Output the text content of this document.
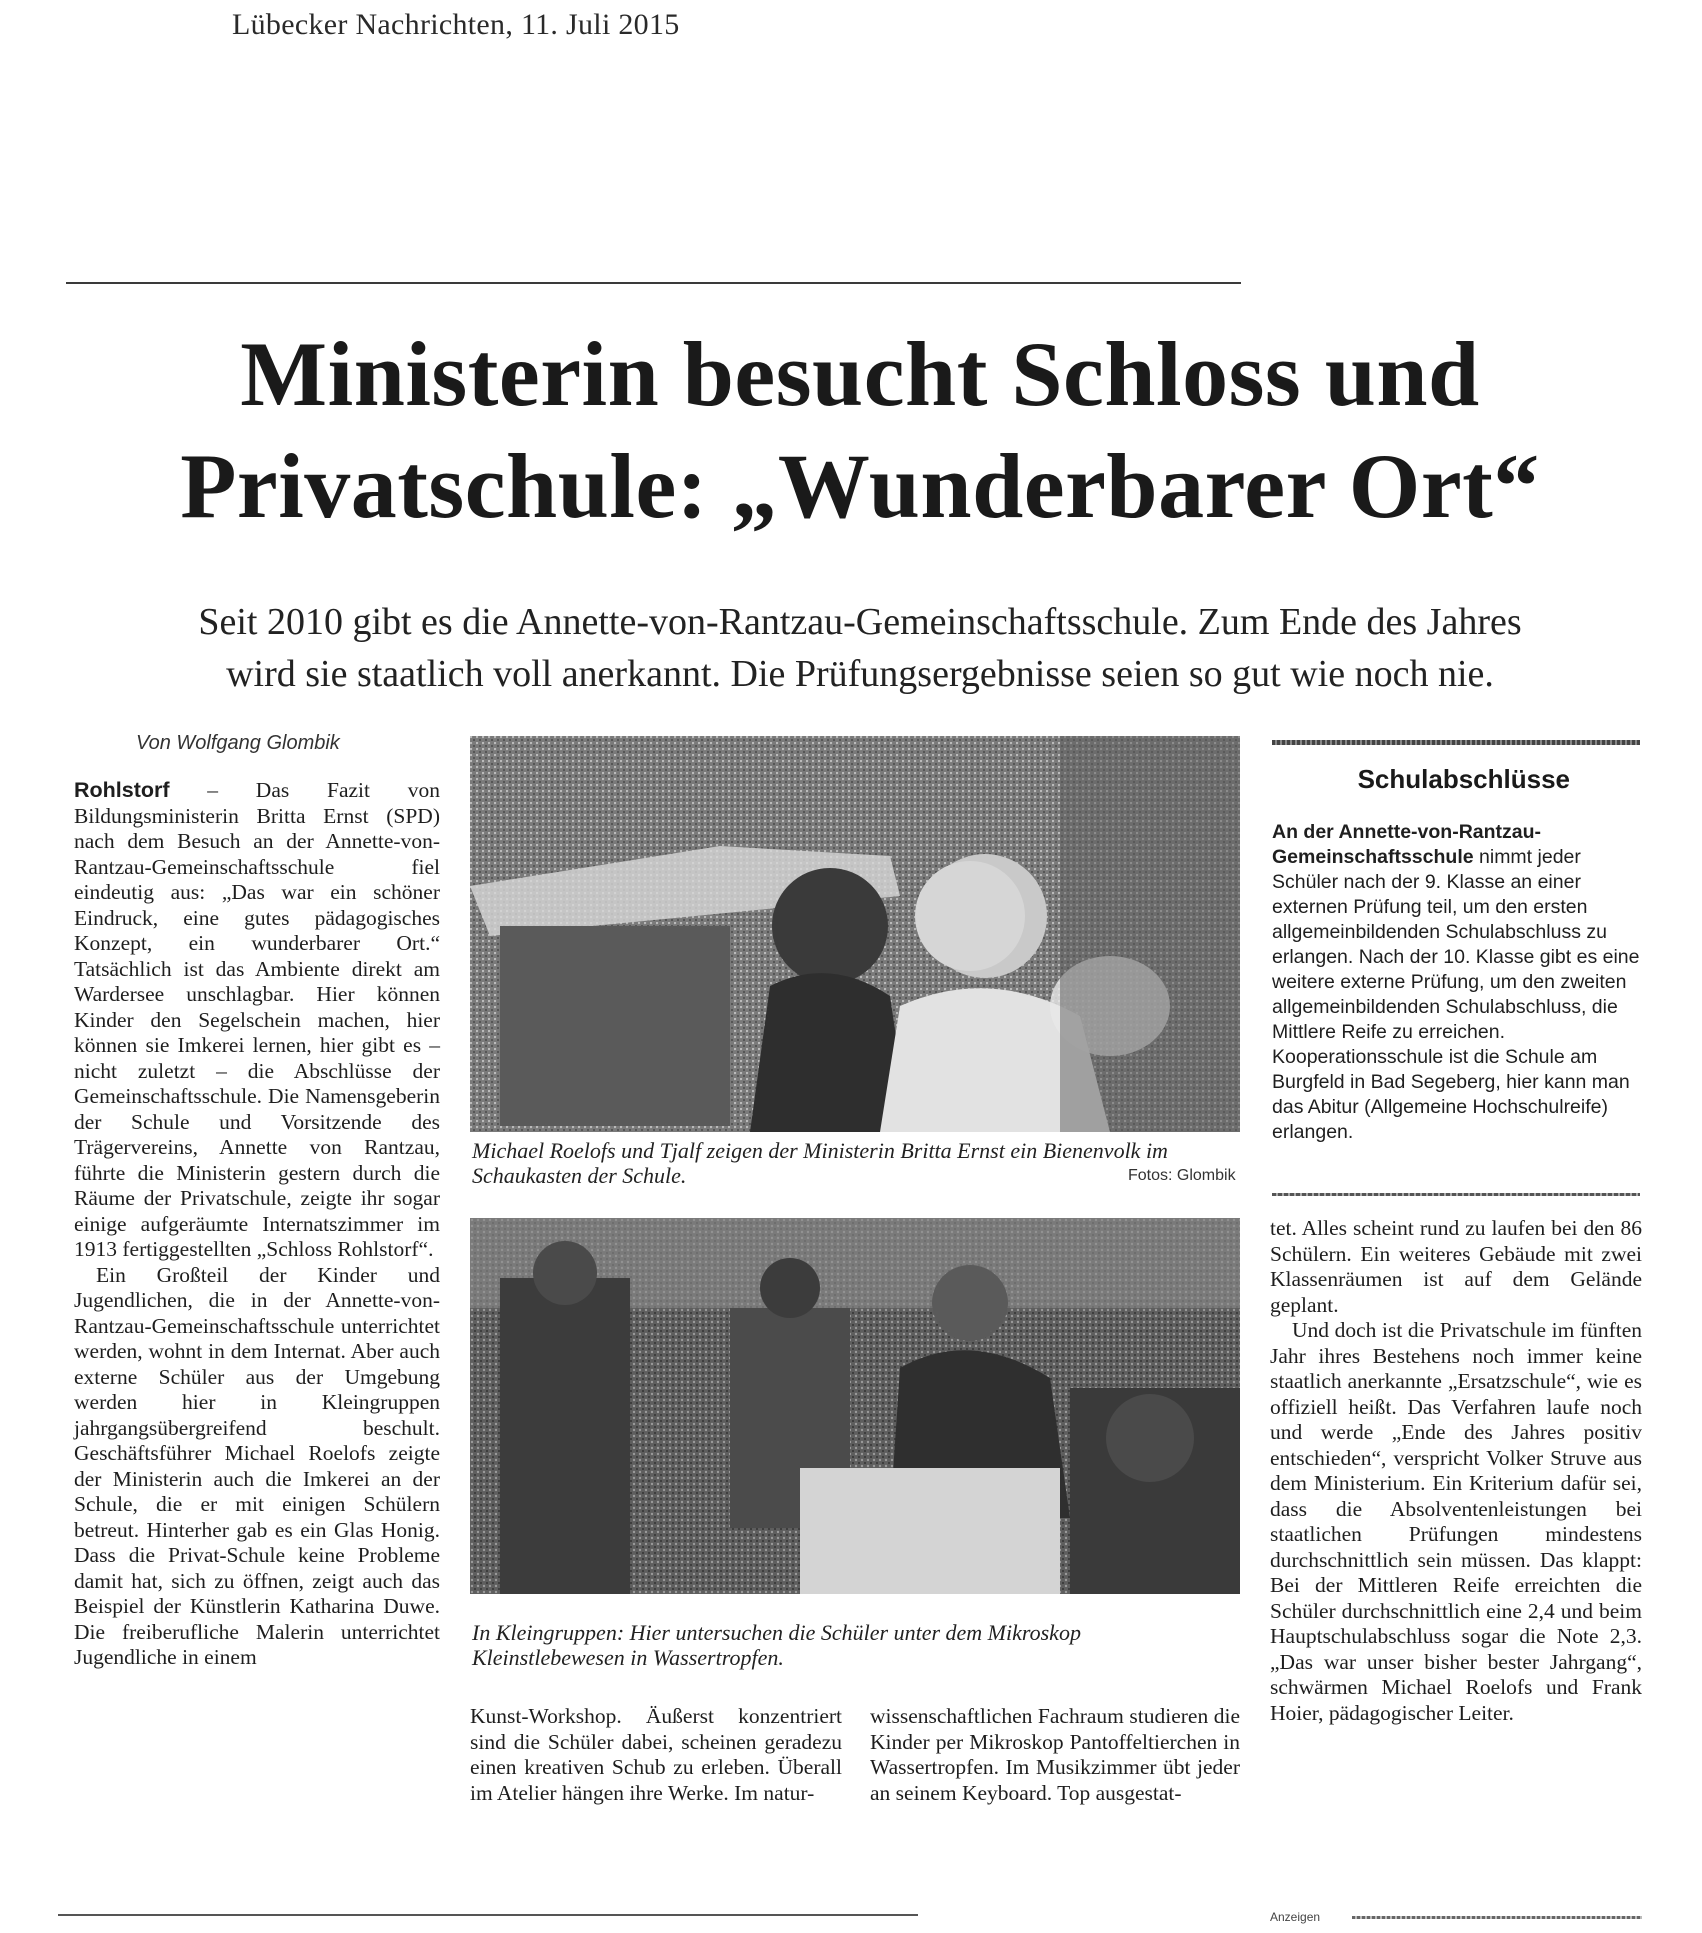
Lübecker Nachrichten, 11. Juli 2015
Ministerin besucht Schloss und
Privatschule: „Wunderbarer Ort“
Seit 2010 gibt es die Annette-von-Rantzau-Gemeinschaftsschule. Zum Ende des Jahres
wird sie staatlich voll anerkannt. Die Prüfungsergebnisse seien so gut wie noch nie.
Von Wolfgang Glombik

Rohlstorf – Das Fazit von Bildungsministerin Britta Ernst (SPD) nach dem Besuch an der Annette-von-Rantzau-Gemeinschaftsschule fiel eindeutig aus: „Das war ein schöner Eindruck, eine gutes pädagogisches Konzept, ein wunderbarer Ort.“ Tatsächlich ist das Ambiente direkt am Wardersee unschlagbar. Hier können Kinder den Segelschein machen, hier können sie Imkerei lernen, hier gibt es – nicht zuletzt – die Abschlüsse der Gemeinschaftsschule. Die Namensgeberin der Schule und Vorsitzende des Trägervereins, Annette von Rantzau, führte die Ministerin gestern durch die Räume der Privatschule, zeigte ihr sogar einige aufgeräumte Internatszimmer im 1913 fertiggestellten „Schloss Rohlstorf“.

Ein Großteil der Kinder und Jugendlichen, die in der Annette-von-Rantzau-Gemeinschaftsschule unterrichtet werden, wohnt in dem Internat. Aber auch externe Schüler aus der Umgebung werden hier in Kleingruppen jahrgangsübergreifend beschult. Geschäftsführer Michael Roelofs zeigte der Ministerin auch die Imkerei an der Schule, die er mit einigen Schülern betreut. Hinterher gab es ein Glas Honig. Dass die Privat-Schule keine Probleme damit hat, sich zu öffnen, zeigt auch das Beispiel der Künstlerin Katharina Duwe. Die freiberufliche Malerin unterrichtet Jugendliche in einem

Michael Roelofs und Tjalf zeigen der Ministerin Britta Ernst ein Bienenvolk im Schaukasten der Schule.	Fotos: Glombik
In Kleingruppen: Hier untersuchen die Schüler unter dem Mikroskop Kleinstlebewesen in Wassertropfen.

Kunst-Workshop. Äußerst konzentriert sind die Schüler dabei, scheinen geradezu einen kreativen Schub zu erleben. Überall im Atelier hängen ihre Werke. Im natur-

wissenschaftlichen Fachraum studieren die Kinder per Mikroskop Pantoffeltierchen in Wassertropfen. Im Musikzimmer übt jeder an seinem Keyboard. Top ausgestat-

Schulabschlüsse
An der Annette-von-Rantzau-Gemeinschaftsschule nimmt jeder Schüler nach der 9. Klasse an einer externen Prüfung teil, um den ersten allgemeinbildenden Schulabschluss zu erlangen. Nach der 10. Klasse gibt es eine weitere externe Prüfung, um den zweiten allgemeinbildenden Schulabschluss, die Mittlere Reife zu erreichen. Kooperationsschule ist die Schule am Burgfeld in Bad Segeberg, hier kann man das Abitur (Allgemeine Hochschulreife) erlangen.

tet. Alles scheint rund zu laufen bei den 86 Schülern. Ein weiteres Gebäude mit zwei Klassenräumen ist auf dem Gelände geplant.

Und doch ist die Privatschule im fünften Jahr ihres Bestehens noch immer keine staatlich anerkannte „Ersatzschule“, wie es offiziell heißt. Das Verfahren laufe noch und werde „Ende des Jahres positiv entschieden“, verspricht Volker Struve aus dem Ministerium. Ein Kriterium dafür sei, dass die Absolventenleistungen bei staatlichen Prüfungen mindestens durchschnittlich sein müssen. Das klappt: Bei der Mittleren Reife erreichten die Schüler durchschnittlich eine 2,4 und beim Hauptschulabschluss sogar die Note 2,3. „Das war unser bisher bester Jahrgang“, schwärmen Michael Roelofs und Frank Hoier, pädagogischer Leiter.

Anzeigen
